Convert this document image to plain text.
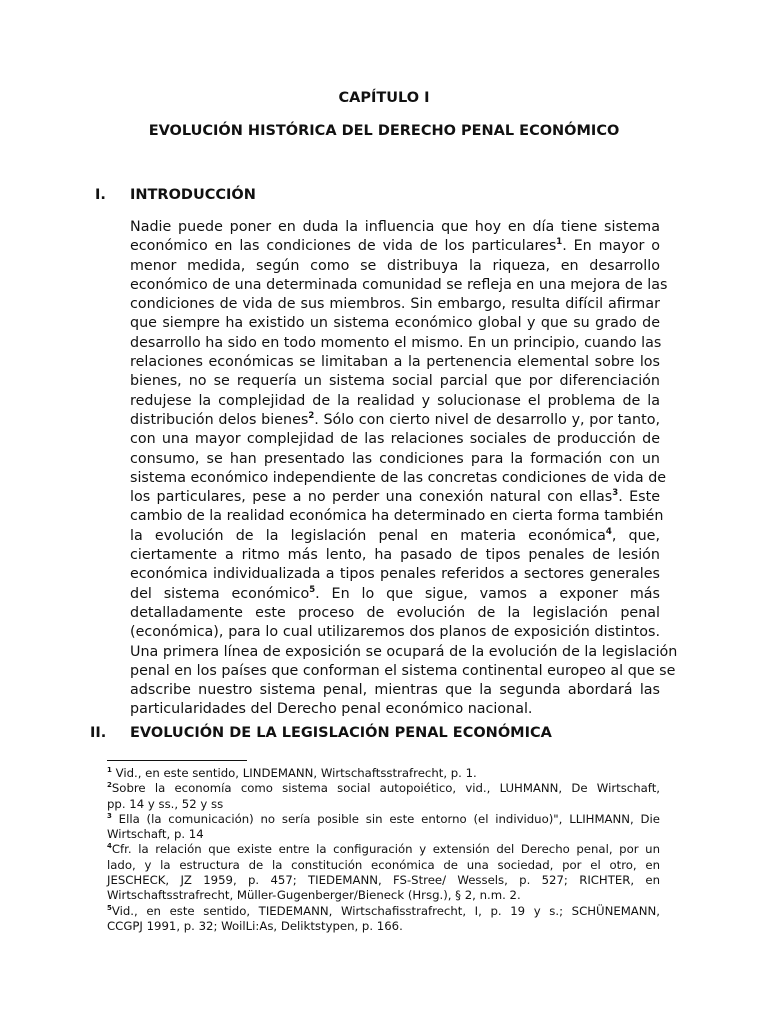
CAPÍTULO I
EVOLUCIÓN HISTÓRICA DEL DERECHO PENAL ECONÓMICO
I. INTRODUCCIÓN
Nadie puede poner en duda la influencia que hoy en día tiene sistema
económico en las condiciones de vida de los particulares$^1$. En mayor o
menor medida, según como se distribuya la riqueza, en desarrollo
económico de una determinada comunidad se refleja en una mejora de las
condiciones de vida de sus miembros. Sin embargo, resulta difícil afirmar
que siempre ha existido un sistema económico global y que su grado de
desarrollo ha sido en todo momento el mismo. En un principio, cuando las
relaciones económicas se limitaban a la pertenencia elemental sobre los
bienes, no se requería un sistema social parcial que por diferenciación
redujese la complejidad de la realidad y solucionase el problema de la
distribución delos bienes$^2$. Sólo con cierto nivel de desarrollo y, por tanto,
con una mayor complejidad de las relaciones sociales de producción de
consumo, se han presentado las condiciones para la formación con un
sistema económico independiente de las concretas condiciones de vida de
los particulares, pese a no perder una conexión natural con ellas$^3$. Este
cambio de la realidad económica ha determinado en cierta forma también
la evolución de la legislación penal en materia económica$^4$, que,
ciertamente a ritmo más lento, ha pasado de tipos penales de lesión
económica individualizada a tipos penales referidos a sectores generales
del sistema económico$^5$. En lo que sigue, vamos a exponer más
detalladamente este proceso de evolución de la legislación penal
(económica), para lo cual utilizaremos dos planos de exposición distintos.
Una primera línea de exposición se ocupará de la evolución de la legislación
penal en los países que conforman el sistema continental europeo al que se
adscribe nuestro sistema penal, mientras que la segunda abordará las
particularidades del Derecho penal económico nacional.
II. EVOLUCIÓN DE LA LEGISLACIÓN PENAL ECONÓMICA
$^1$ Vid., en este sentido, LINDEMANN, Wirtschaftsstrafrecht, p. 1.
$^2$Sobre la economía como sistema social autopoiético, vid., LUHMANN, De Wirtschaft,
pp. 14 y ss., 52 y ss
$^3$ Ella (la comunicación) no sería posible sin este entorno (el individuo)", LLIHMANN, Die
Wirtschaft, p. 14
$^4$Cfr. la relación que existe entre la configuración y extensión del Derecho penal, por un
lado, y la estructura de la constitución económica de una sociedad, por el otro, en
JESCHECK, JZ 1959, p. 457; TIEDEMANN, FS-Stree/ Wessels, p. 527; RICHTER, en
Wirtschaftsstrafrecht, Müller-Gugenberger/Bieneck (Hrsg.), § 2, n.m. 2.
$^5$Vid., en este sentido, TIEDEMANN, Wirtschafisstrafrecht, I, p. 19 y s.; SCHÜNEMANN,
CCGPJ 1991, p. 32; WoilLi:As, Deliktstypen, p. 166.
